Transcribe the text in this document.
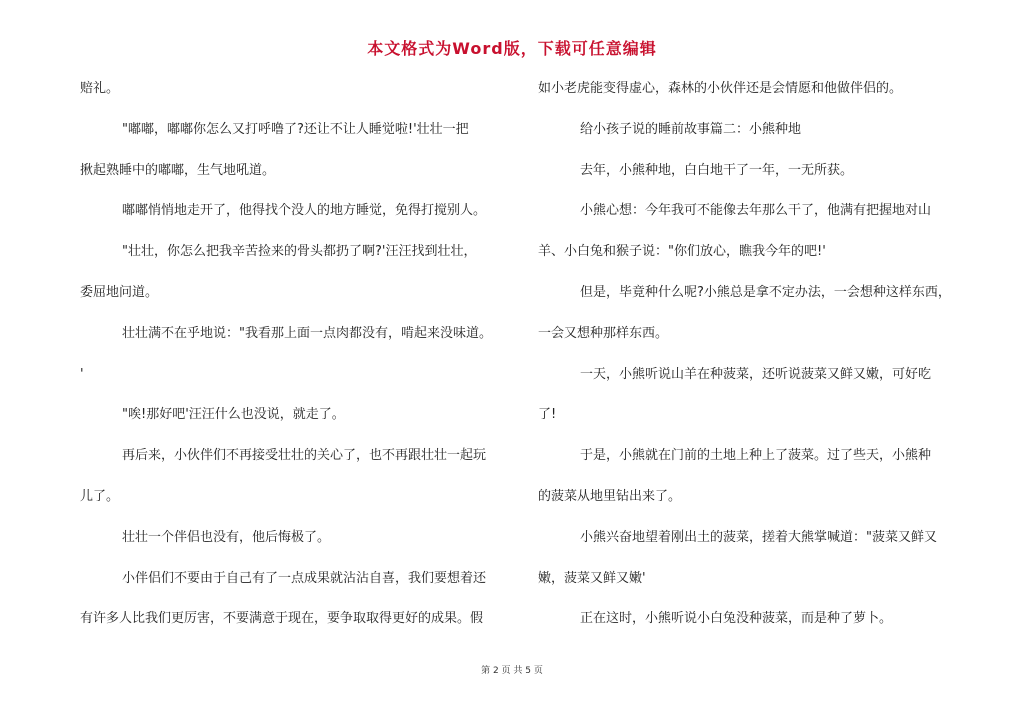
本文格式为Word版，下载可任意编辑
赔礼。
"嘟嘟，嘟嘟你怎么又打呼噜了?还让不让人睡觉啦!'壮壮一把
揪起熟睡中的嘟嘟，生气地吼道。
嘟嘟悄悄地走开了，他得找个没人的地方睡觉，免得打搅别人。
"壮壮，你怎么把我辛苦捡来的骨头都扔了啊?'汪汪找到壮壮，
委屈地问道。
壮壮满不在乎地说："我看那上面一点肉都没有，啃起来没味道。
'
"唉!那好吧'汪汪什么也没说，就走了。
再后来，小伙伴们不再接受壮壮的关心了，也不再跟壮壮一起玩
儿了。
壮壮一个伴侣也没有，他后悔极了。
小伴侣们不要由于自己有了一点成果就沾沾自喜，我们要想着还
有许多人比我们更厉害，不要满意于现在，要争取取得更好的成果。假
如小老虎能变得虚心，森林的小伙伴还是会情愿和他做伴侣的。
给小孩子说的睡前故事篇二：小熊种地
去年，小熊种地，白白地干了一年，一无所获。
小熊心想：今年我可不能像去年那么干了，他满有把握地对山
羊、小白兔和猴子说："你们放心，瞧我今年的吧!'
但是，毕竟种什么呢?小熊总是拿不定办法，一会想种这样东西，
一会又想种那样东西。
一天，小熊听说山羊在种菠菜，还听说菠菜又鲜又嫩，可好吃
了!
于是，小熊就在门前的土地上种上了菠菜。过了些天，小熊种
的菠菜从地里钻出来了。
小熊兴奋地望着刚出土的菠菜，搓着大熊掌喊道："菠菜又鲜又
嫩，菠菜又鲜又嫩'
正在这时，小熊听说小白兔没种菠菜，而是种了萝卜。
第 2 页 共 5 页
